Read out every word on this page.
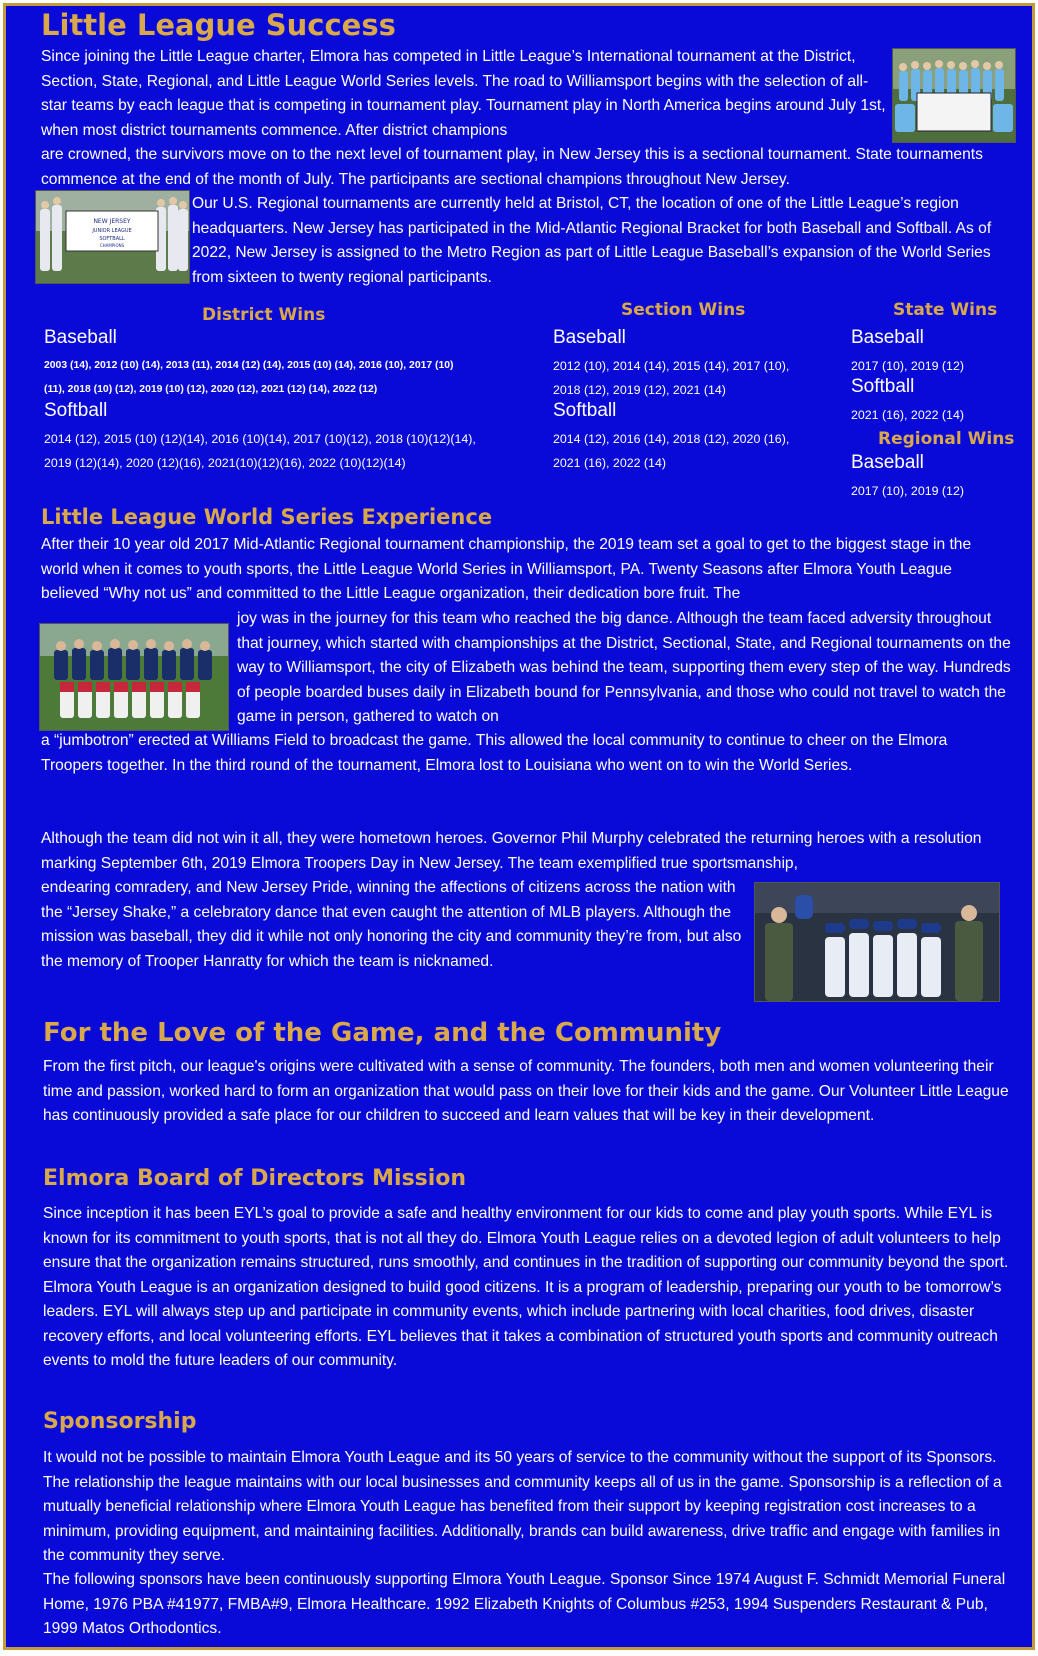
Little League Success
Since joining the Little League charter, Elmora has competed in Little League’s International tournament at the District, Section, State, Regional, and Little League World Series levels. The road to Williamsport begins with the selection of all-star teams by each league that is competing in tournament play. Tournament play in North America begins around July 1st, when most district tournaments commence. After district champions
are crowned, the survivors move on to the next level of tournament play, in New Jersey this is a sectional tournament. State tournaments commence at the end of the month of July. The participants are sectional champions throughout New Jersey.
Our U.S. Regional tournaments are currently held at Bristol, CT, the location of one of the Little League’s region headquarters. New Jersey has participated in the Mid-Atlantic Regional Bracket for both Baseball and Softball. As of 2022, New Jersey is assigned to the Metro Region as part of Little League Baseball’s expansion of the World Series from sixteen to twenty regional participants.
NEW JERSEY
JUNIOR LEAGUE
SOFTBALL
CHAMPIONS
District Wins	Section Wins	State Wins
Baseball
2003 (14), 2012 (10) (14), 2013 (11), 2014 (12) (14), 2015 (10) (14), 2016 (10), 2017 (10)
(11), 2018 (10) (12), 2019 (10) (12), 2020 (12), 2021 (12) (14), 2022 (12)
Softball
2014 (12), 2015 (10) (12)(14), 2016 (10)(14), 2017 (10)(12), 2018 (10)(12)(14),
2019 (12)(14), 2020 (12)(16), 2021(10)(12)(16), 2022 (10)(12)(14)
Baseball
2012 (10), 2014 (14), 2015 (14), 2017 (10),
2018 (12), 2019 (12), 2021 (14)
Softball
2014 (12), 2016 (14), 2018 (12), 2020 (16),
2021 (16), 2022 (14)
Baseball
2017 (10), 2019 (12)
Softball
2021 (16), 2022 (14)
Regional Wins
Baseball
2017 (10), 2019 (12)
Little League World Series Experience
After their 10 year old 2017 Mid-Atlantic Regional tournament championship, the 2019 team set a goal to get to the biggest stage in the world when it comes to youth sports, the Little League World Series in Williamsport, PA. Twenty Seasons after Elmora Youth League believed “Why not us” and committed to the Little League organization, their dedication bore fruit. The
joy was in the journey for this team who reached the big dance. Although the team faced adversity throughout that journey, which started with championships at the District, Sectional, State, and Regional tournaments on the way to Williamsport, the city of Elizabeth was behind the team, supporting them every step of the way. Hundreds of people boarded buses daily in Elizabeth bound for Pennsylvania, and those who could not travel to watch the game in person, gathered to watch on
a “jumbotron” erected at Williams Field to broadcast the game. This allowed the local community to continue to cheer on the Elmora Troopers together. In the third round of the tournament, Elmora lost to Louisiana who went on to win the World Series.
Although the team did not win it all, they were hometown heroes. Governor Phil Murphy celebrated the returning heroes with a resolution marking September 6th, 2019 Elmora Troopers Day in New Jersey. The team exemplified true sportsmanship,
endearing comradery, and New Jersey Pride, winning the affections of citizens across the nation with the “Jersey Shake,” a celebratory dance that even caught the attention of MLB players. Although the mission was baseball, they did it while not only honoring the city and community they’re from, but also the memory of Trooper Hanratty for which the team is nicknamed.
For the Love of the Game, and the Community
From the first pitch, our league's origins were cultivated with a sense of community. The founders, both men and women volunteering their time and passion, worked hard to form an organization that would pass on their love for their kids and the game. Our Volunteer Little League has continuously provided a safe place for our children to succeed and learn values that will be key in their development.
Elmora Board of Directors Mission
Since inception it has been EYL’s goal to provide a safe and healthy environment for our kids to come and play youth sports. While EYL is known for its commitment to youth sports, that is not all they do. Elmora Youth League relies on a devoted legion of adult volunteers to help ensure that the organization remains structured, runs smoothly, and continues in the tradition of supporting our community beyond the sport. Elmora Youth League is an organization designed to build good citizens. It is a program of leadership, preparing our youth to be tomorrow’s leaders. EYL will always step up and participate in community events, which include partnering with local charities, food drives, disaster recovery efforts, and local volunteering efforts. EYL believes that it takes a combination of structured youth sports and community outreach events to mold the future leaders of our community.
Sponsorship
It would not be possible to maintain Elmora Youth League and its 50 years of service to the community without the support of its Sponsors. The relationship the league maintains with our local businesses and community keeps all of us in the game. Sponsorship is a reflection of a mutually beneficial relationship where Elmora Youth League has benefited from their support by keeping registration cost increases to a minimum, providing equipment, and maintaining facilities. Additionally, brands can build awareness, drive traffic and engage with families in the community they serve.
The following sponsors have been continuously supporting Elmora Youth League. Sponsor Since 1974 August F. Schmidt Memorial Funeral Home, 1976 PBA #41977, FMBA#9, Elmora Healthcare. 1992 Elizabeth Knights of Columbus #253, 1994 Suspenders Restaurant & Pub, 1999 Matos Orthodontics.
